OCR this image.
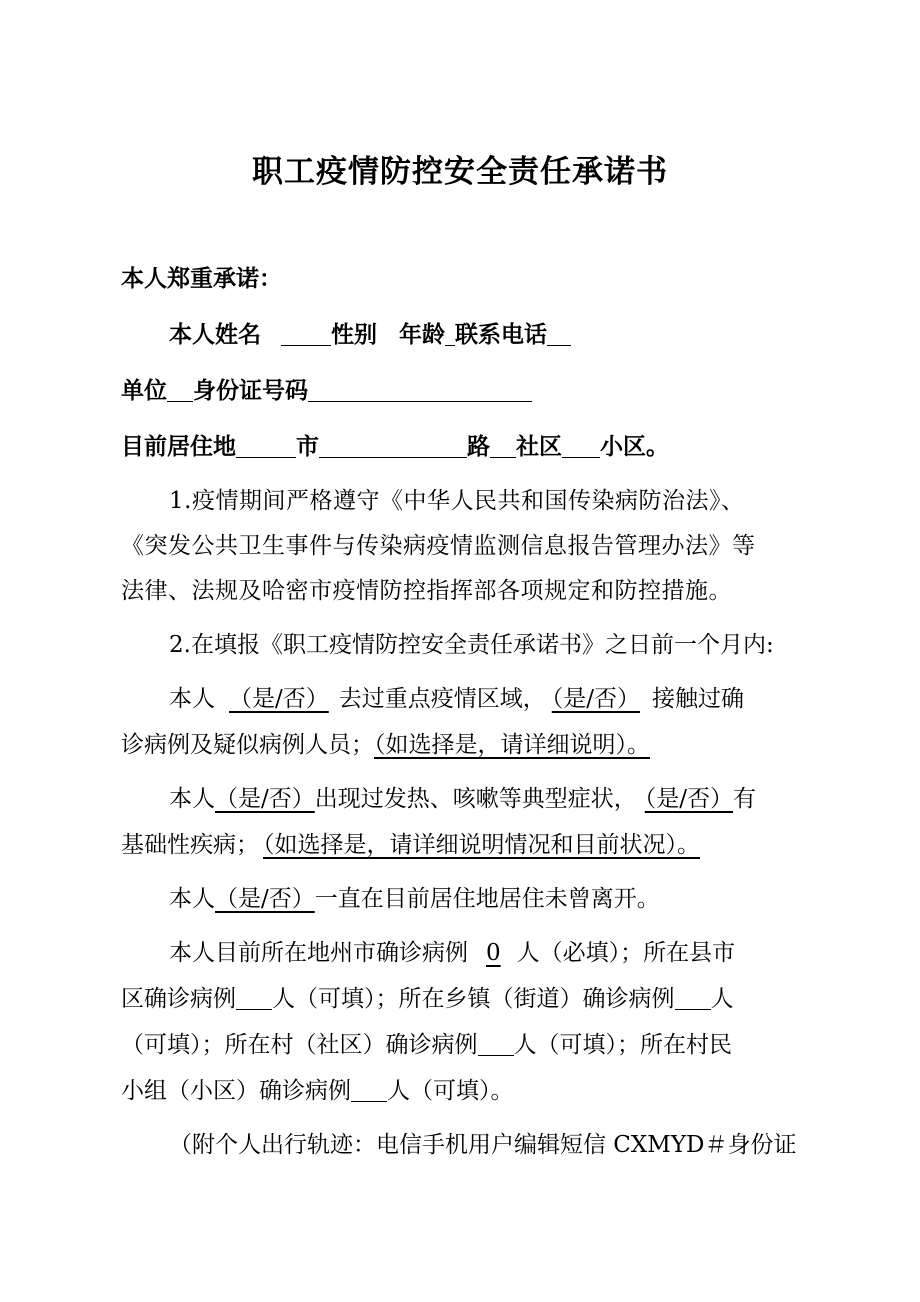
职工疫情防控安全责任承诺书
本人郑重承诺：
本人姓名	性别 年龄 联系电话
单位 身份证号码
目前居住地	市	路 社区 小区。
1.疫情期间严格遵守《中华人民共和国传染病防治法》、
《突发公共卫生事件与传染病疫情监测信息报告管理办法》等
法律、法规及哈密市疫情防控指挥部各项规定和防控措施。
2.在填报《职工疫情防控安全责任承诺书》之日前一个月内:
本人 （是/否） 去过重点疫情区域， （是/否） 接触过确
诊病例及疑似病例人员；（如选择是，请详细说明）。
本人（是/否）出现过发热、咳嗽等典型症状， （是/否）有
基础性疾病； （如选择是，请详细说明情况和目前状况）。
本人（是/否）一直在目前居住地居住未曾离开。
本人目前所在地州市确诊病例 0 人（必填）；所在县市
区确诊病例 人（可填）；所在乡镇（街道）确诊病例 人
（可填）；所在村（社区）确诊病例 人（可填）；所在村民
小组（小区）确诊病例 人（可填）。
（附个人出行轨迹：电信手机用户编辑短信 CXMYD＃身份证
